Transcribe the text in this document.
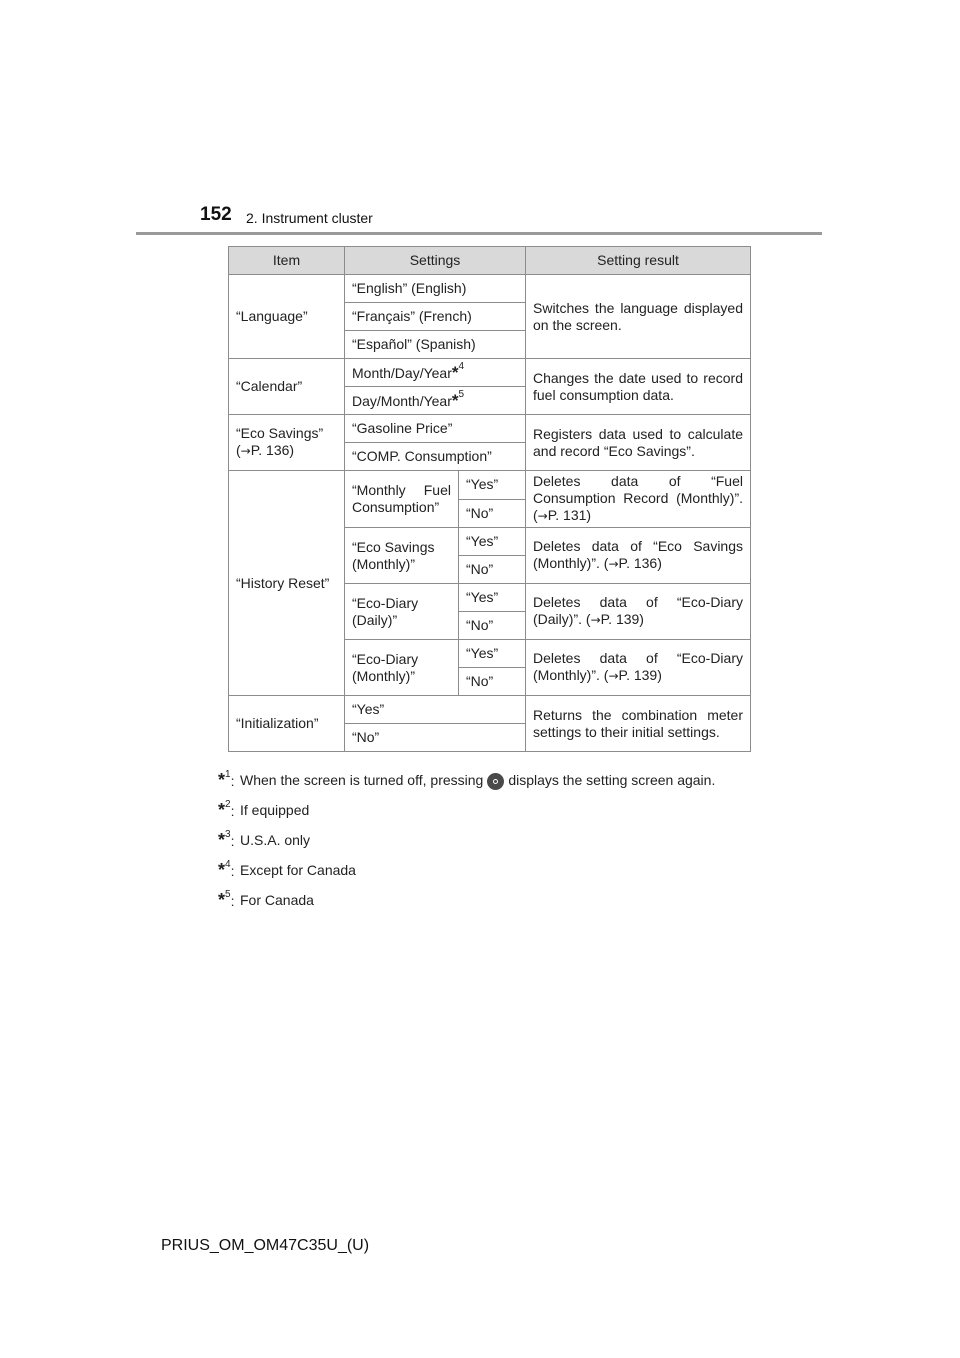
152 2. Instrument cluster
Item	Settings		Setting result
“Language”	“English” (English)		Switches the language displayed on the screen.
	“Français” (French)		
	“Español” (Spanish)		
“Calendar”	Month/Day/Year*$^4$		Changes the date used to record fuel consumption data.
	Day/Month/Year*$^5$
“Eco Savings”
(→P. 136)	“Gasoline Price”		Registers data used to calculate and record “Eco Savings”.
	“COMP. Consumption”		
“History Reset”	“Monthly Fuel Consumption”	“Yes”	Deletes data of “Fuel Consumption Record (Monthly)”. (→P. 131)
		“No”	
	“Eco Savings (Monthly)”	“Yes”	Deletes data of “Eco Savings (Monthly)”. (→P. 136)
		“No”	
	“Eco-Diary (Daily)”	“Yes”	Deletes data of “Eco-Diary (Daily)”. (→P. 139)
		“No”	
	“Eco-Diary (Monthly)”	“Yes”	Deletes data of “Eco-Diary (Monthly)”. (→P. 139)
		“No”	
“Initialization”	“Yes”		Returns the combination meter settings to their initial settings.
	“No”		
*$^1$: When the screen is turned off, pressing displays the setting screen again.
*$^2$: If equipped
*$^3$: U.S.A. only
*$^4$: Except for Canada
*$^5$: For Canada
PRIUS_OM_OM47C35U_(U)
